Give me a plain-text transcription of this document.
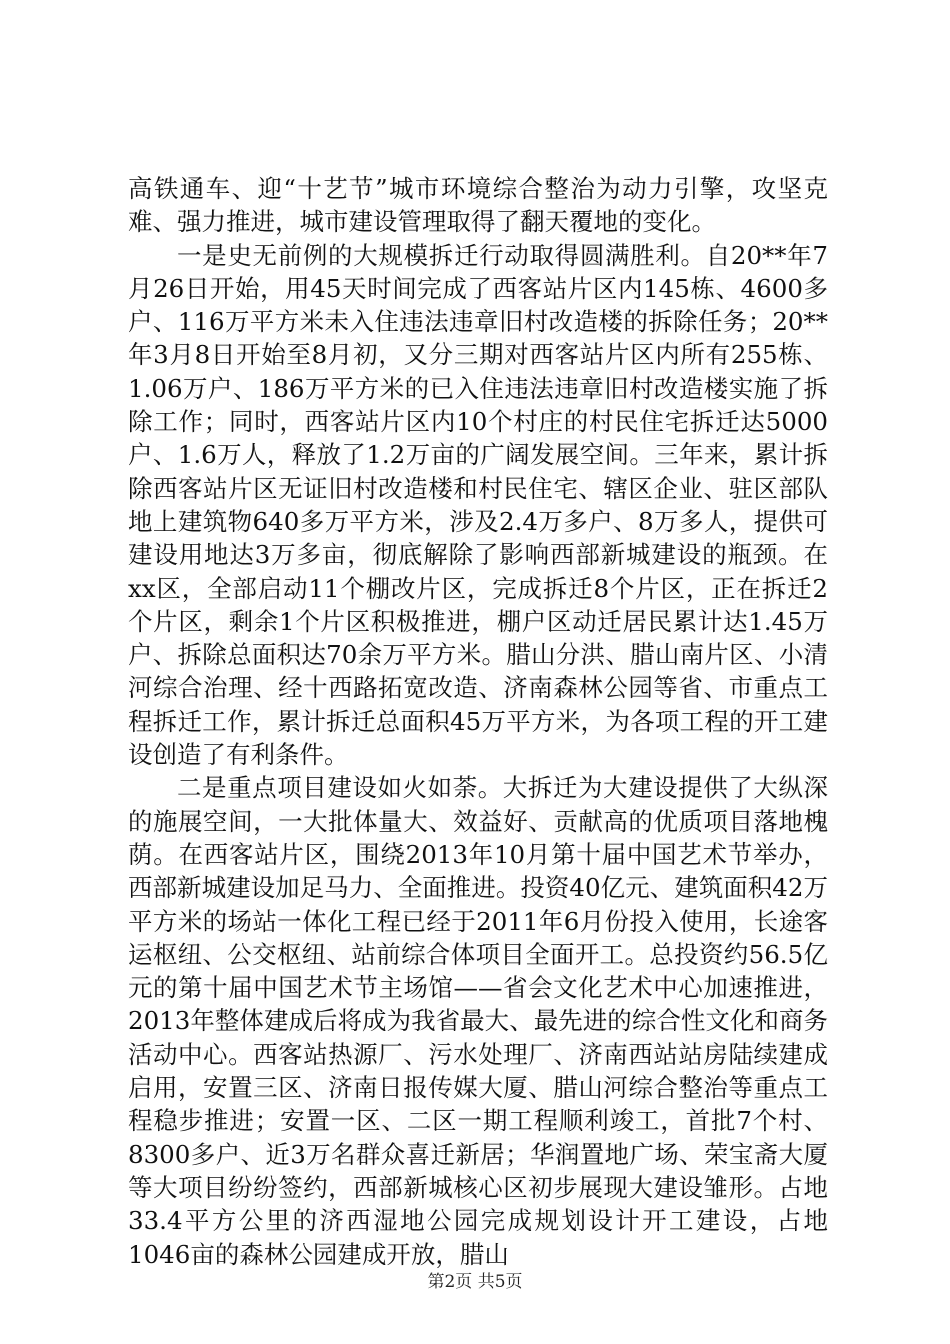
高铁通车、迎“十艺节”城市环境综合整治为动力引擎，攻坚克难、强力推进，城市建设管理取得了翻天覆地的变化。

一是史无前例的大规模拆迁行动取得圆满胜利。自20**年7月26日开始，用45天时间完成了西客站片区内145栋、4600多户、116万平方米未入住违法违章旧村改造楼的拆除任务；20**年3月8日开始至8月初，又分三期对西客站片区内所有255栋、1.06万户、186万平方米的已入住违法违章旧村改造楼实施了拆除工作；同时，西客站片区内10个村庄的村民住宅拆迁达5000户、1.6万人，释放了1.2万亩的广阔发展空间。三年来，累计拆除西客站片区无证旧村改造楼和村民住宅、辖区企业、驻区部队地上建筑物640多万平方米，涉及2.4万多户、8万多人，提供可建设用地达3万多亩，彻底解除了影响西部新城建设的瓶颈。在xx区，全部启动11个棚改片区，完成拆迁8个片区，正在拆迁2个片区，剩余1个片区积极推进，棚户区动迁居民累计达1.45万户、拆除总面积达70余万平方米。腊山分洪、腊山南片区、小清河综合治理、经十西路拓宽改造、济南森林公园等省、市重点工程拆迁工作，累计拆迁总面积45万平方米，为各项工程的开工建设创造了有利条件。

二是重点项目建设如火如荼。大拆迁为大建设提供了大纵深的施展空间，一大批体量大、效益好、贡献高的优质项目落地槐荫。在西客站片区，围绕2013年10月第十届中国艺术节举办，西部新城建设加足马力、全面推进。投资40亿元、建筑面积42万平方米的场站一体化工程已经于2011年6月份投入使用，长途客运枢纽、公交枢纽、站前综合体项目全面开工。总投资约56.5亿元的第十届中国艺术节主场馆——省会文化艺术中心加速推进，2013年整体建成后将成为我省最大、最先进的综合性文化和商务活动中心。西客站热源厂、污水处理厂、济南西站站房陆续建成启用，安置三区、济南日报传媒大厦、腊山河综合整治等重点工程稳步推进；安置一区、二区一期工程顺利竣工，首批7个村、8300多户、近3万名群众喜迁新居；华润置地广场、荣宝斋大厦等大项目纷纷签约，西部新城核心区初步展现大建设雏形。占地33.4平方公里的济西湿地公园完成规划设计开工建设，占地1046亩的森林公园建成开放，腊山

第2页 共5页
